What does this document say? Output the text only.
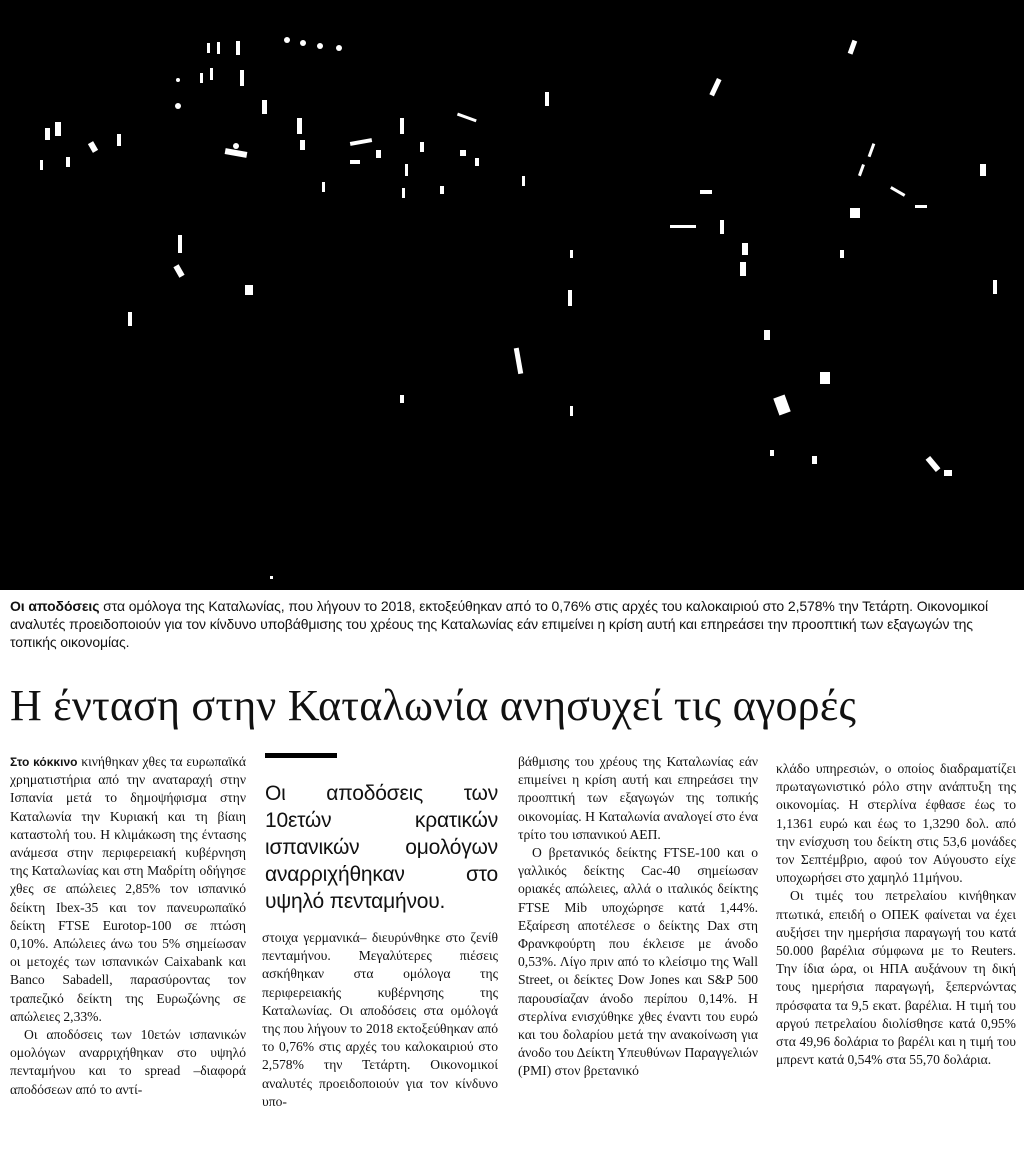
Οι αποδόσεις στα ομόλογα της Καταλωνίας, που λήγουν το 2018, εκτοξεύθηκαν από το 0,76% στις αρχές του καλοκαιριού στο 2,578% την Τετάρτη. Οικονομικοί αναλυτές προειδοποιούν για τον κίνδυνο υποβάθμισης του χρέους της Καταλωνίας εάν επιμείνει η κρίση αυτή και επηρεάσει την προοπτική των εξαγωγών της τοπικής οικονομίας.
Η ένταση στην Καταλωνία ανησυχεί τις αγορές

Στο κόκκινο κινήθηκαν χθες τα ευρωπαϊκά χρηματιστήρια από την αναταραχή στην Ισπανία μετά το δημοψήφισμα στην Καταλωνία την Κυριακή και τη βίαιη καταστολή του. Η κλιμάκωση της έντασης ανάμεσα στην περιφερειακή κυβέρνηση της Καταλωνίας και στη Μαδρίτη οδήγησε χθες σε απώλειες 2,85% τον ισπανικό δείκτη Ibex-35 και τον πανευρωπαϊκό δείκτη FTSE Eurotop-100 σε πτώση 0,10%. Απώλειες άνω του 5% σημείωσαν οι μετοχές των ισπανικών Caixabank και Banco Sabadell, παρασύροντας τον τραπεζικό δείκτη της Ευρωζώνης σε απώλειες 2,33%.

Οι αποδόσεις των 10ετών ισπανικών ομολόγων αναρριχήθηκαν στο υψηλό πενταμήνου και το spread –διαφορά αποδόσεων από το αντί-

Οι αποδόσεις των 10ετών κρατικών ισπανικών ομολόγων αναρριχήθηκαν στο υψηλό πενταμήνου.

στοιχα γερμανικά– διευρύνθηκε στο ζενίθ πενταμήνου. Μεγαλύτερες πιέσεις ασκήθηκαν στα ομόλογα της περιφερειακής κυβέρνησης της Καταλωνίας. Οι αποδόσεις στα ομόλογά της που λήγουν το 2018 εκτοξεύθηκαν από το 0,76% στις αρχές του καλοκαιριού στο 2,578% την Τετάρτη. Οικονομικοί αναλυτές προειδοποιούν για τον κίνδυνο υπο-

βάθμισης του χρέους της Καταλωνίας εάν επιμείνει η κρίση αυτή και επηρεάσει την προοπτική των εξαγωγών της τοπικής οικονομίας. Η Καταλωνία αναλογεί στο ένα τρίτο του ισπανικού ΑΕΠ.

Ο βρετανικός δείκτης FTSE-100 και ο γαλλικός δείκτης Cac-40 σημείωσαν οριακές απώλειες, αλλά ο ιταλικός δείκτης FTSE Mib υποχώρησε κατά 1,44%. Εξαίρεση αποτέλεσε ο δείκτης Dax στη Φρανκφούρτη που έκλεισε με άνοδο 0,53%. Λίγο πριν από το κλείσιμο της Wall Street, οι δείκτες Dow Jones και S&P 500 παρουσίαζαν άνοδο περίπου 0,14%. Η στερλίνα ενισχύθηκε χθες έναντι του ευρώ και του δολαρίου μετά την ανακοίνωση για άνοδο του Δείκτη Υπευθύνων Παραγγελιών (PMI) στον βρετανικό

κλάδο υπηρεσιών, ο οποίος διαδραματίζει πρωταγωνιστικό ρόλο στην ανάπτυξη της οικονομίας. Η στερλίνα έφθασε έως το 1,1361 ευρώ και έως το 1,3290 δολ. από την ενίσχυση του δείκτη στις 53,6 μονάδες τον Σεπτέμβριο, αφού τον Αύγουστο είχε υποχωρήσει στο χαμηλό 11μήνου.

Οι τιμές του πετρελαίου κινήθηκαν πτωτικά, επειδή ο ΟΠΕΚ φαίνεται να έχει αυξήσει την ημερήσια παραγωγή του κατά 50.000 βαρέλια σύμφωνα με το Reuters. Την ίδια ώρα, οι ΗΠΑ αυξάνουν τη δική τους ημερήσια παραγωγή, ξεπερνώντας πρόσφατα τα 9,5 εκατ. βαρέλια. Η τιμή του αργού πετρελαίου διολίσθησε κατά 0,95% στα 49,96 δολάρια το βαρέλι και η τιμή του μπρεντ κατά 0,54% στα 55,70 δολάρια.
